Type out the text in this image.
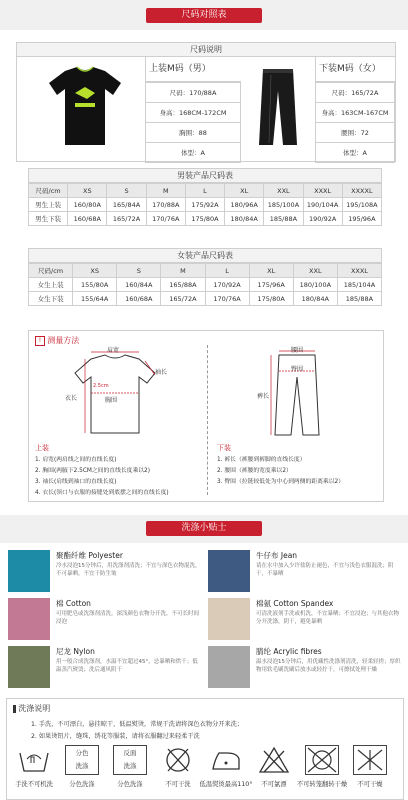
尺码对照表
尺码说明
上装M码（男）
尺码：170/88A
身高：168CM-172CM
胸围：88
体型：A
下装M码（女）
尺码：165/72A
身高：163CM-167CM
腰围：72
体型：A
男装产品尺码表
尺码/cm	XS	S	M	L	XL	XXL	XXXL	XXXXL
男生上装	160/80A	165/84A	170/88A	175/92A	180/96A	185/100A	190/104A	195/108A
男生下装	160/68A	165/72A	170/76A	175/80A	180/84A	185/88A	190/92A	195/96A
女装产品尺码表
尺码/cm	XS	S	M	L	XL	XXL	XXXL
女生上装	155/80A	160/84A	165/88A	170/92A	175/96A	180/100A	185/104A
女生下装	155/64A	160/68A	165/72A	170/76A	175/80A	180/84A	185/88A
! 测量方法
肩宽
袖长
衣长
2.5cm
胸围
腰围
裤长
臀围
上装
1. 肩宽(两肩线之间的直线长度)
2. 胸围(两腋下2.5CM之间的直线长度乘以2)
3. 袖长(肩线到袖口的直线长度)
4. 衣长(领口与衣服的接缝处到底摆之间的直线长度)
下装
1. 裤长（裤腰到裤脚的直线长度）
2. 腰围（裤腰的宽度乘以2）
3. 臀围（拉链较低处为中心到两侧的距离乘以2）
洗涤小贴士
聚酯纤维 Polyester
冷水浸泡15分钟后，用洗涤剂清洗；不宜与深色衣物混洗，不可暴晒，不宜干防生皱
牛仔布 Jean
请在水中加入少许盐防止褪色，不宜与浅色衣服混洗；阴干，不暴晒
棉 Cotton
可用肥皂或洗涤剂清洗。深浅颜色衣物分开洗，不可长时间浸泡
棉氨 Cotton Spandex
可清洗液剂手洗或机洗，不宜暴晒；不宜浸泡；与其他衣物分开洗涤，阴干，避免暴晒
尼龙 Nylon
用一般合成洗涤剂，水温不宜超过45°，忌暴晒和烘干；低温蒸汽熨烫；洗后通风阴干
腈纶 Acrylic fibres
温水浸泡15分钟后，用优藏性洗涤剂清洗，轻柔轻搓；厚织物用软毛刷洗刷后放水或轻拧干，可擦拭处理干燥
洗涤说明
1. 手洗，不可漂白，悬挂晾干，低温熨烫，常规干洗请将深色衣物分开来洗；
2. 如果烫钮片，缝珠，绣花等服装，请将衣服翻过来轻柔干洗
手洗不可机洗
分色
洗涤
分色洗涤
反面
洗涤
分色洗涤	不可干洗	低温熨烫最高110°	不可氯漂	不可转笼翻转干燥	不可干燥
